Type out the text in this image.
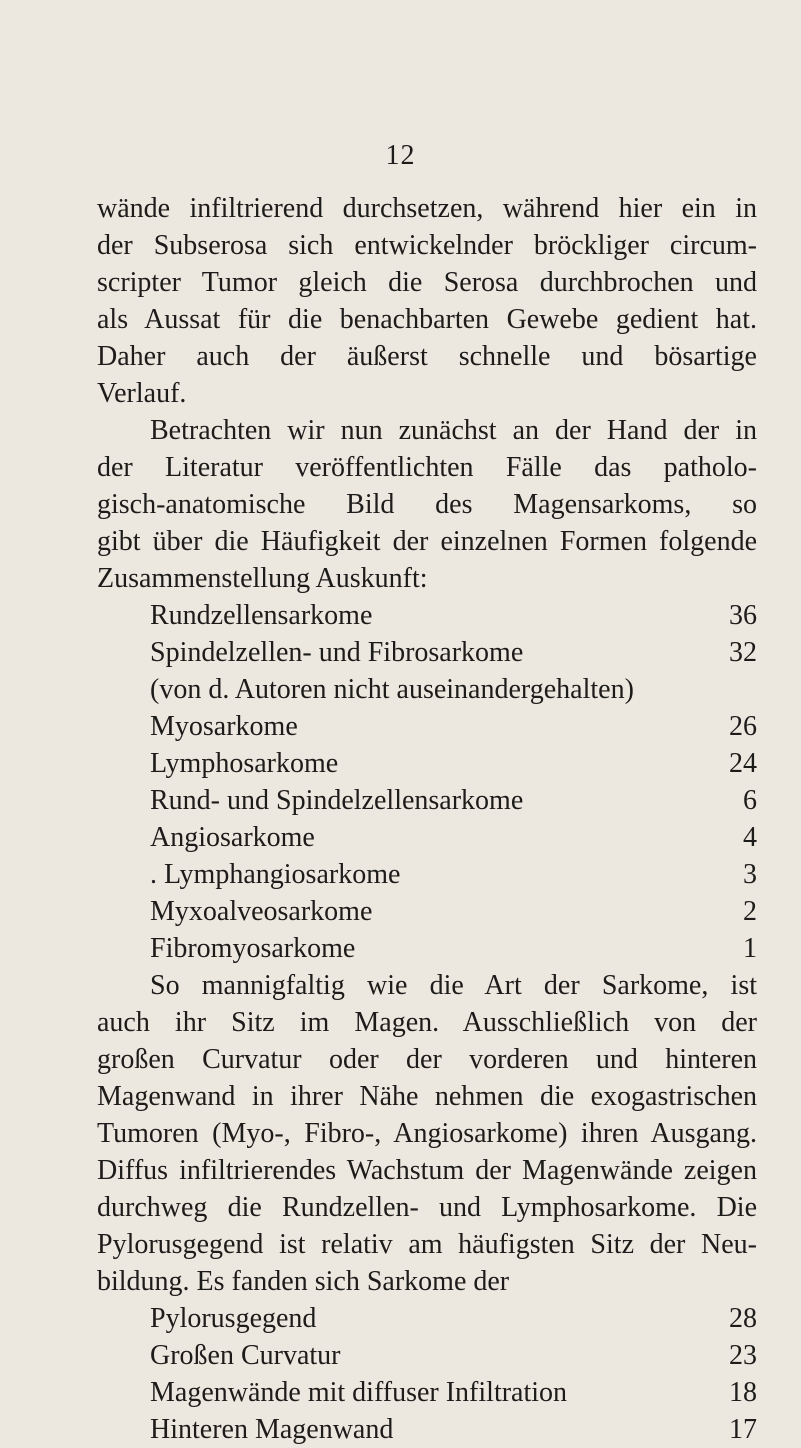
12
wände infiltrierend durchsetzen, während hier ein in
der Subserosa sich entwickelnder bröckliger circum-
scripter Tumor gleich die Serosa durchbrochen und
als Aussat für die benachbarten Gewebe gedient hat.
Daher auch der äußerst schnelle und bösartige
Verlauf.
Betrachten wir nun zunächst an der Hand der in
der Literatur veröffentlichten Fälle das patholo-
gisch-anatomische Bild des Magensarkoms, so
gibt über die Häufigkeit der einzelnen Formen folgende
Zusammenstellung Auskunft:
Rundzellensarkome	36
Spindelzellen- und Fibrosarkome	32
(von d. Autoren nicht auseinandergehalten)
Myosarkome	26
Lymphosarkome	24
Rund- und Spindelzellensarkome	6
Angiosarkome	4
. Lymphangiosarkome	3
Myxoalveosarkome	2
Fibromyosarkome	1
So mannigfaltig wie die Art der Sarkome, ist
auch ihr Sitz im Magen. Ausschließlich von der
großen Curvatur oder der vorderen und hinteren
Magenwand in ihrer Nähe nehmen die exogastrischen
Tumoren (Myo-, Fibro-, Angiosarkome) ihren Ausgang.
Diffus infiltrierendes Wachstum der Magenwände zeigen
durchweg die Rundzellen- und Lymphosarkome. Die
Pylorusgegend ist relativ am häufigsten Sitz der Neu-
bildung. Es fanden sich Sarkome der
Pylorusgegend	28
Großen Curvatur	23
Magenwände mit diffuser Infiltration	18
Hinteren Magenwand	17
